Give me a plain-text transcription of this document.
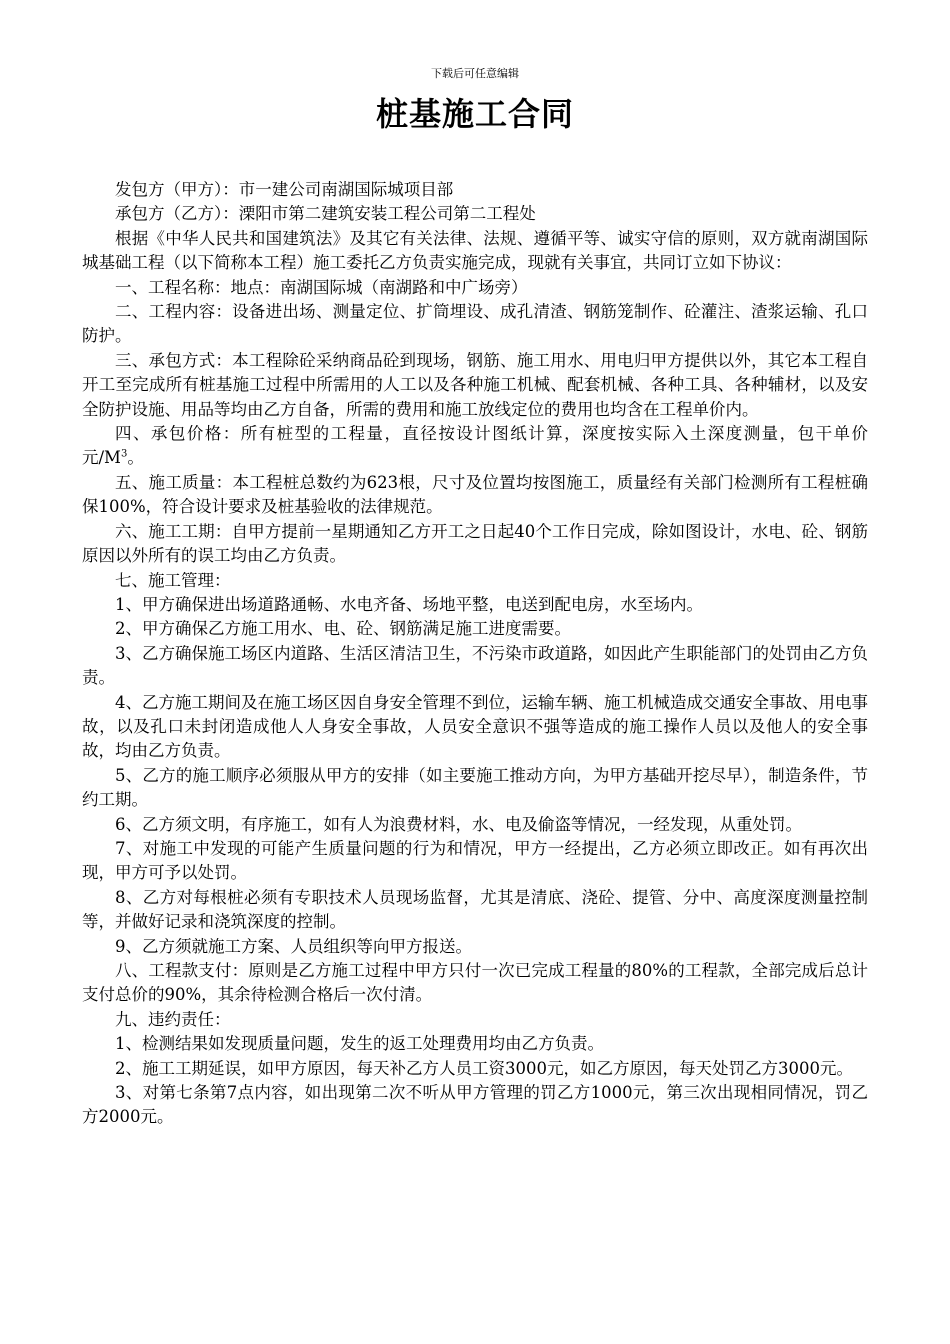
下载后可任意编辑
桩基施工合同

发包方（甲方）：市一建公司南湖国际城项目部

承包方（乙方）：溧阳市第二建筑安装工程公司第二工程处

根据《中华人民共和国建筑法》及其它有关法律、法规、遵循平等、诚实守信的原则，双方就南湖国际城基础工程（以下简称本工程）施工委托乙方负责实施完成，现就有关事宜，共同订立如下协议：

一、工程名称：地点：南湖国际城（南湖路和中广场旁）

二、工程内容：设备进出场、测量定位、扩筒埋设、成孔清渣、钢筋笼制作、砼灌注、渣浆运输、孔口防护。

三、承包方式：本工程除砼采纳商品砼到现场，钢筋、施工用水、用电归甲方提供以外，其它本工程自开工至完成所有桩基施工过程中所需用的人工以及各种施工机械、配套机械、各种工具、各种辅材，以及安全防护设施、用品等均由乙方自备，所需的费用和施工放线定位的费用也均含在工程单价内。

四、承包价格：所有桩型的工程量，直径按设计图纸计算，深度按实际入土深度测量，包干单价　　元$/M^3$。

五、施工质量：本工程桩总数约为623根，尺寸及位置均按图施工，质量经有关部门检测所有工程桩确保100%，符合设计要求及桩基验收的法律规范。

六、施工工期：自甲方提前一星期通知乙方开工之日起40个工作日完成，除如图设计，水电、砼、钢筋原因以外所有的误工均由乙方负责。

七、施工管理：

1、甲方确保进出场道路通畅、水电齐备、场地平整，电送到配电房，水至场内。

2、甲方确保乙方施工用水、电、砼、钢筋满足施工进度需要。

3、乙方确保施工场区内道路、生活区清洁卫生，不污染市政道路，如因此产生职能部门的处罚由乙方负责。

4、乙方施工期间及在施工场区因自身安全管理不到位，运输车辆、施工机械造成交通安全事故、用电事故，以及孔口未封闭造成他人人身安全事故，人员安全意识不强等造成的施工操作人员以及他人的安全事故，均由乙方负责。

5、乙方的施工顺序必须服从甲方的安排（如主要施工推动方向，为甲方基础开挖尽早），制造条件，节约工期。

6、乙方须文明，有序施工，如有人为浪费材料，水、电及偷盗等情况，一经发现，从重处罚。

7、对施工中发现的可能产生质量问题的行为和情况，甲方一经提出，乙方必须立即改正。如有再次出现，甲方可予以处罚。

8、乙方对每根桩必须有专职技术人员现场监督，尤其是清底、浇砼、提管、分中、高度深度测量控制等，并做好记录和浇筑深度的控制。

9、乙方须就施工方案、人员组织等向甲方报送。

八、工程款支付：原则是乙方施工过程中甲方只付一次已完成工程量的80%的工程款，全部完成后总计支付总价的90%，其余待检测合格后一次付清。

九、违约责任：

1、检测结果如发现质量问题，发生的返工处理费用均由乙方负责。

2、施工工期延误，如甲方原因，每天补乙方人员工资3000元，如乙方原因，每天处罚乙方3000元。

3、对第七条第7点内容，如出现第二次不听从甲方管理的罚乙方1000元，第三次出现相同情况，罚乙方2000元。
